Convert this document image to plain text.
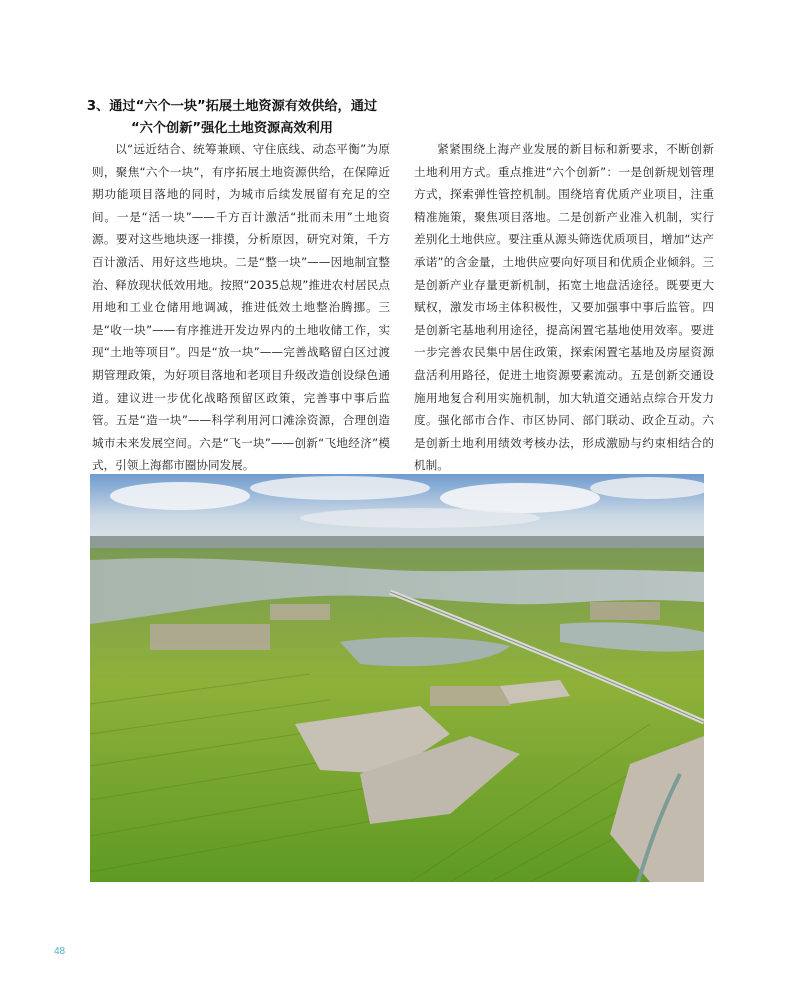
3、通过“六个一块”拓展土地资源有效供给，通过
“六个创新”强化土地资源高效利用
以“远近结合、统筹兼顾、守住底线、动态平衡”为原则，聚焦“六个一块”，有序拓展土地资源供给，在保障近期功能项目落地的同时，为城市后续发展留有充足的空间。一是“活一块”——千方百计激活“批而未用”土地资源。要对这些地块逐一排摸，分析原因，研究对策，千方百计激活、用好这些地块。二是“整一块”——因地制宜整治、释放现状低效用地。按照“2035总规”推进农村居民点用地和工业仓储用地调减，推进低效土地整治腾挪。三是“收一块”——有序推进开发边界内的土地收储工作，实现“土地等项目”。四是“放一块”——完善战略留白区过渡期管理政策，为好项目落地和老项目升级改造创设绿色通道。建议进一步优化战略预留区政策，完善事中事后监管。五是“造一块”——科学利用河口滩涂资源，合理创造城市未来发展空间。六是“飞一块”——创新“飞地经济”模式，引领上海都市圈协同发展。
紧紧围绕上海产业发展的新目标和新要求，不断创新土地利用方式。重点推进“六个创新”：一是创新规划管理方式，探索弹性管控机制。围绕培育优质产业项目，注重精准施策，聚焦项目落地。二是创新产业准入机制，实行差别化土地供应。要注重从源头筛选优质项目，增加“达产承诺”的含金量，土地供应要向好项目和优质企业倾斜。三是创新产业存量更新机制，拓宽土地盘活途径。既要更大赋权，激发市场主体积极性，又要加强事中事后监管。四是创新宅基地利用途径，提高闲置宅基地使用效率。要进一步完善农民集中居住政策，探索闲置宅基地及房屋资源盘活利用路径，促进土地资源要素流动。五是创新交通设施用地复合利用实施机制，加大轨道交通站点综合开发力度。强化部市合作、市区协同、部门联动、政企互动。六是创新土地利用绩效考核办法，形成激励与约束相结合的机制。
48
